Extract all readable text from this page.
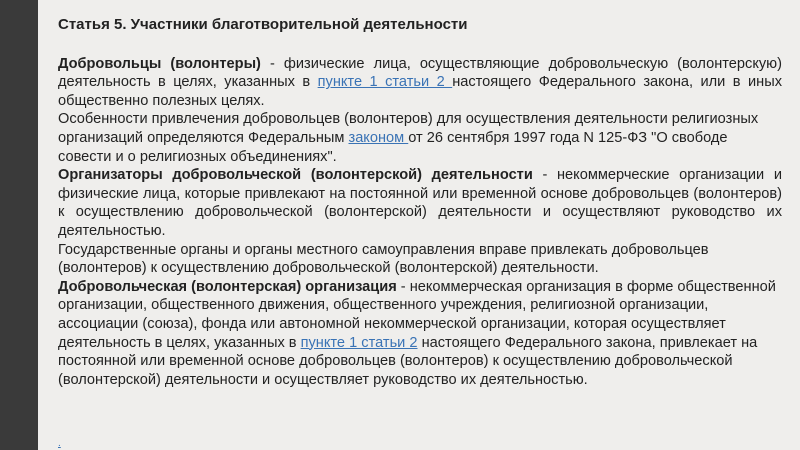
Статья 5. Участники благотворительной деятельности

Добровольцы (волонтеры) - физические лица, осуществляющие добровольческую (волонтерскую) деятельность в целях, указанных в пункте 1 статьи 2 настоящего Федерального закона, или в иных общественно полезных целях.

Особенности привлечения добровольцев (волонтеров) для осуществления деятельности религиозных организаций определяются Федеральным законом от 26 сентября 1997 года N 125-ФЗ "О свободе совести и о религиозных объединениях".

Организаторы добровольческой (волонтерской) деятельности - некоммерческие организации и физические лица, которые привлекают на постоянной или временной основе добровольцев (волонтеров) к осуществлению добровольческой (волонтерской) деятельности и осуществляют руководство их деятельностью.

Государственные органы и органы местного самоуправления вправе привлекать добровольцев (волонтеров) к осуществлению добровольческой (волонтерской) деятельности.

Добровольческая (волонтерская) организация - некоммерческая организация в форме общественной организации, общественного движения, общественного учреждения, религиозной организации, ассоциации (союза), фонда или автономной некоммерческой организации, которая осуществляет деятельность в целях, указанных в пункте 1 статьи 2 настоящего Федерального закона, привлекает на постоянной или временной основе добровольцев (волонтеров) к осуществлению добровольческой (волонтерской) деятельности и осуществляет руководство их деятельностью.

.
